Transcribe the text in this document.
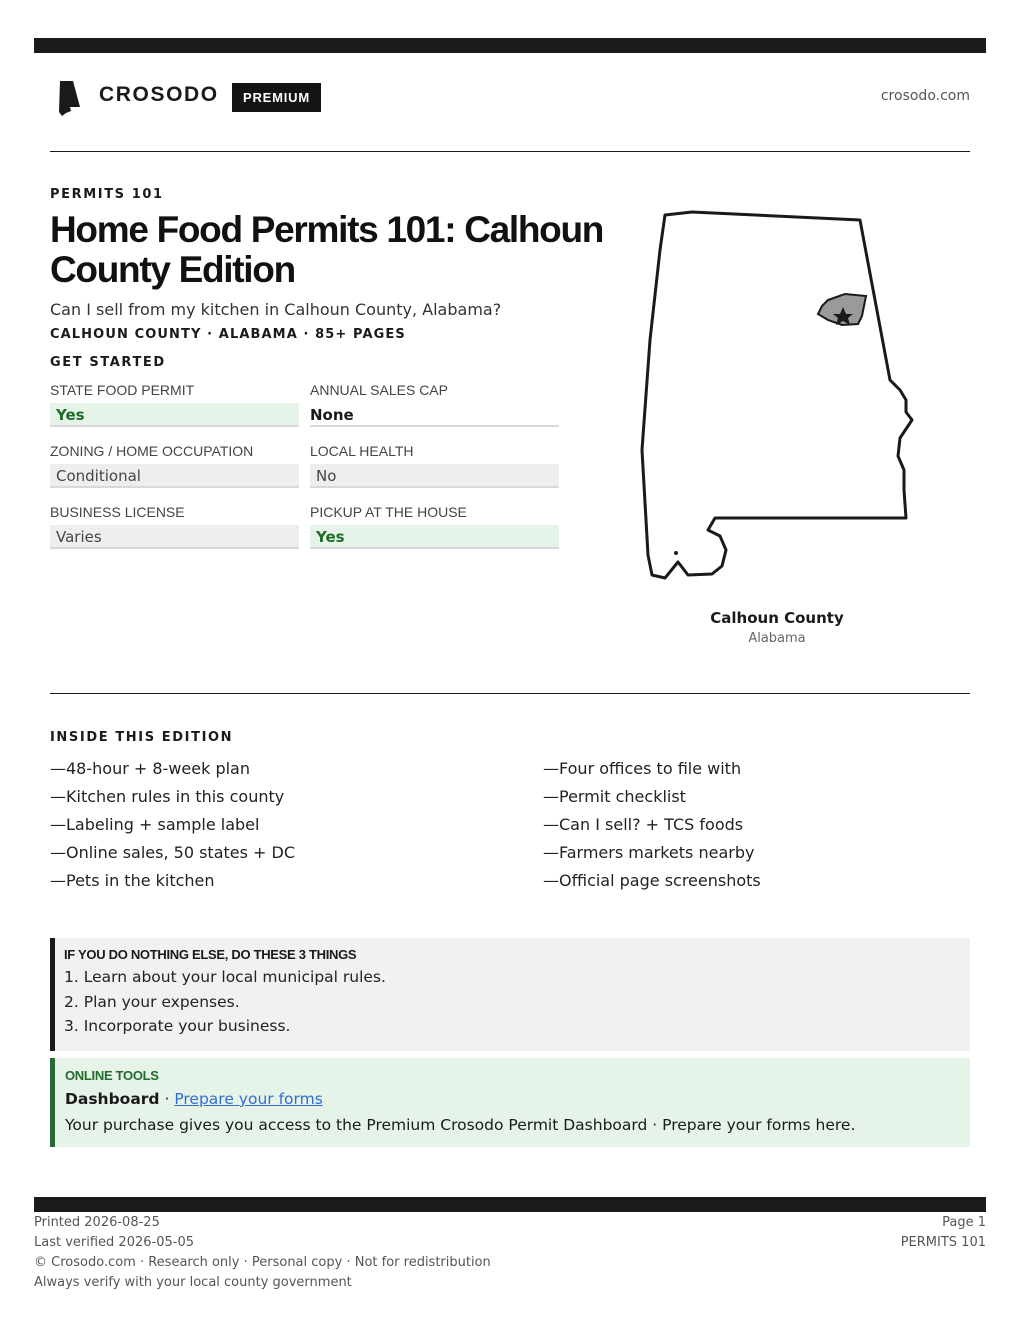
CROSODO	PREMIUM	crosodo.com
PERMITS 101
Home Food Permits 101: Calhoun County Edition
Can I sell from my kitchen in Calhoun County, Alabama?
CALHOUN COUNTY · ALABAMA · 85+ PAGES
GET STARTED
STATE FOOD PERMIT
Yes
ANNUAL SALES CAP
None
ZONING / HOME OCCUPATION
Conditional
LOCAL HEALTH
No
BUSINESS LICENSE
Varies
PICKUP AT THE HOUSE
Yes
Calhoun County
Alabama
INSIDE THIS EDITION
—48-hour + 8-week plan
—Kitchen rules in this county
—Labeling + sample label
—Online sales, 50 states + DC
—Pets in the kitchen
—Four offices to file with
—Permit checklist
—Can I sell? + TCS foods
—Farmers markets nearby
—Official page screenshots
IF YOU DO NOTHING ELSE, DO THESE 3 THINGS
1. Learn about your local municipal rules.
2. Plan your expenses.
3. Incorporate your business.
ONLINE TOOLS
Dashboard · Prepare your forms
Your purchase gives you access to the Premium Crosodo Permit Dashboard · Prepare your forms here.
Printed 2026-08-25
Last verified 2026-05-05
© Crosodo.com · Research only · Personal copy · Not for redistribution
Always verify with your local county government
Page 1
PERMITS 101
